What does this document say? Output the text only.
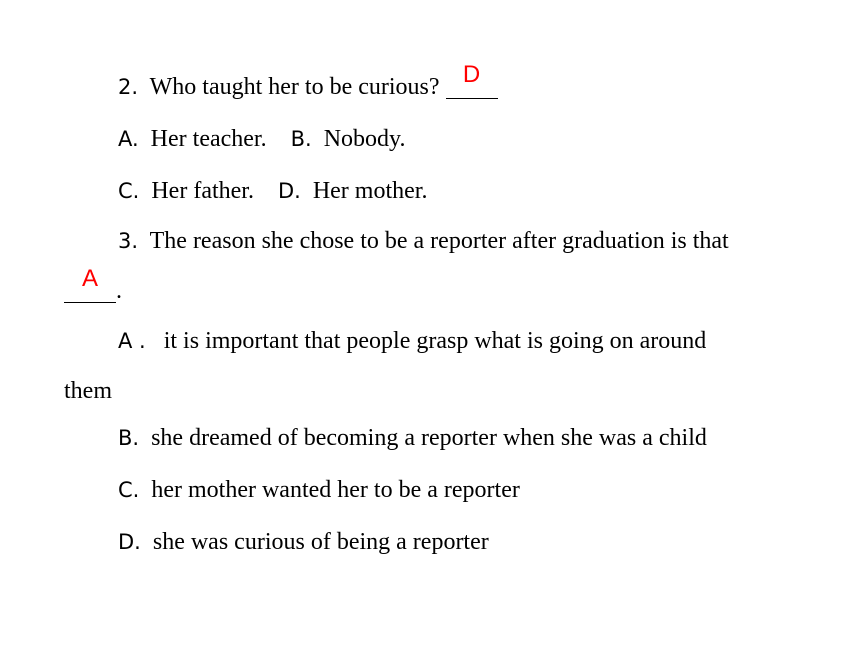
2. Who taught her to be curious? D
A. Her teacher. B. Nobody.
C. Her father. D. Her mother.
3. The reason she chose to be a reporter after graduation is that
A .
A . it is important that people grasp what is going on around
them
B. she dreamed of becoming a reporter when she was a child
C. her mother wanted her to be a reporter
D. she was curious of being a reporter
